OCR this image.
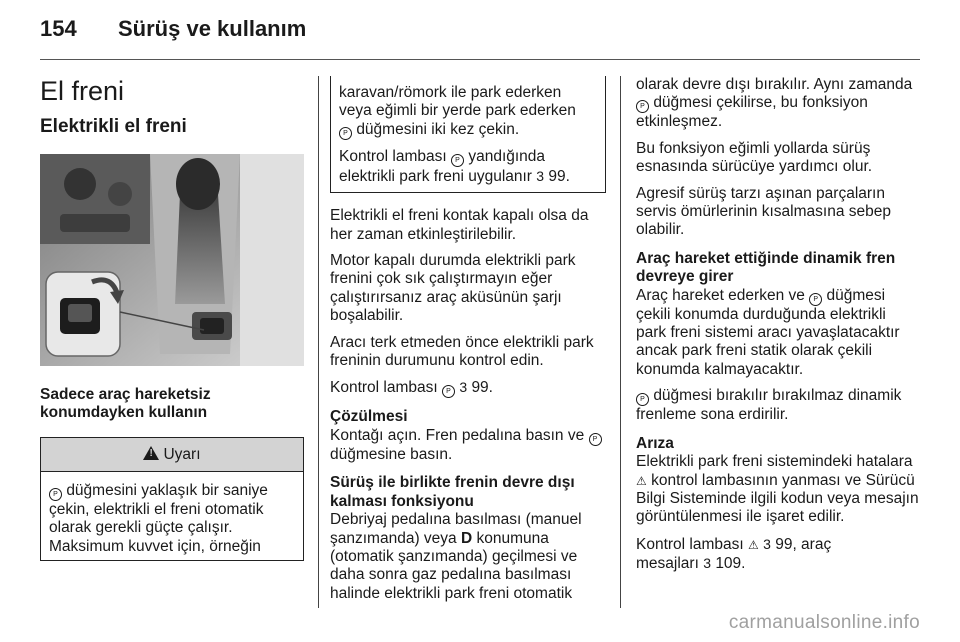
154 Sürüş ve kullanım
El freni
Elektrikli el freni
Sadece araç hareketsiz
konumdayken kullanın
!Uyarı
P düğmesini yaklaşık bir saniye
çekin, elektrikli el freni otomatik
olarak gerekli güçte çalışır.
Maksimum kuvvet için, örneğin
karavan/römork ile park ederken
veya eğimli bir yerde park ederken
P düğmesini iki kez çekin.
Kontrol lambası P yandığında
elektrikli park freni uygulanır 3 99.

Elektrikli el freni kontak kapalı olsa da her zaman etkinleştirilebilir.

Motor kapalı durumda elektrikli park frenini çok sık çalıştırmayın eğer çalıştırırsanız araç aküsünün şarjı boşalabilir.

Aracı terk etmeden önce elektrikli park freninin durumunu kontrol edin.

Kontrol lambası P 3 99.

Çözülmesi

Kontağı açın. Fren pedalına basın ve P düğmesine basın.

Sürüş ile birlikte frenin devre dışı kalması fonksiyonu

Debriyaj pedalına basılması (manuel şanzımanda) veya D konumuna (otomatik şanzımanda) geçilmesi ve daha sonra gaz pedalına basılması halinde elektrikli park freni otomatik

olarak devre dışı bırakılır. Aynı zamanda P düğmesi çekilirse, bu fonksiyon etkinleşmez.

Bu fonksiyon eğimli yollarda sürüş esnasında sürücüye yardımcı olur.

Agresif sürüş tarzı aşınan parçaların servis ömürlerinin kısalmasına sebep olabilir.

Araç hareket ettiğinde dinamik fren devreye girer

Araç hareket ederken ve P düğmesi çekili konumda durduğunda elektrikli park freni sistemi aracı yavaşlatacaktır ancak park freni statik olarak çekili konumda kalmayacaktır.

P düğmesi bırakılır bırakılmaz dinamik frenleme sona erdirilir.

Arıza

Elektrikli park freni sistemindeki hatalara ⚠ kontrol lambasının yanması ve Sürücü Bilgi Sisteminde ilgili kodun veya mesajın görüntülenmesi ile işaret edilir.

Kontrol lambası ⚠ 3 99, araç

mesajları 3 109.

carmanualsonline.info
